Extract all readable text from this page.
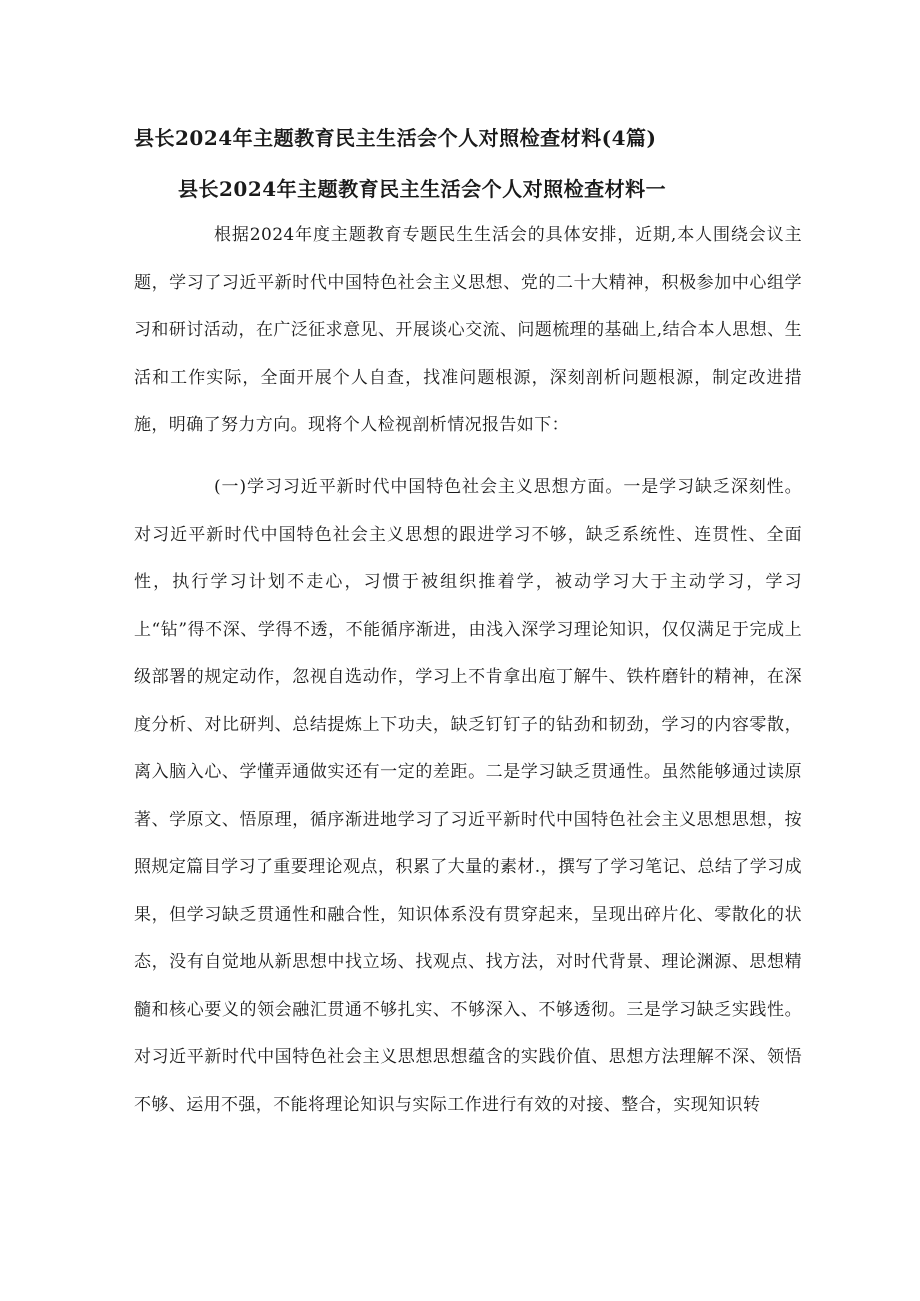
县长2024年主题教育民主生活会个人对照检查材料(4篇)
县长2024年主题教育民主生活会个人对照检查材料一

根据2024年度主题教育专题民生生活会的具体安排，近期,本人围绕会议主题，学习了习近平新时代中国特色社会主义思想、党的二十大精神，积极参加中心组学习和研讨活动，在广泛征求意见、开展谈心交流、问题梳理的基础上,结合本人思想、生活和工作实际，全面开展个人自查，找准问题根源，深刻剖析问题根源，制定改进措施，明确了努力方向。现将个人检视剖析情况报告如下：

(一)学习习近平新时代中国特色社会主义思想方面。一是学习缺乏深刻性。对习近平新时代中国特色社会主义思想的跟进学习不够，缺乏系统性、连贯性、全面性，执行学习计划不走心，习惯于被组织推着学，被动学习大于主动学习，学习上“钻”得不深、学得不透，不能循序渐进，由浅入深学习理论知识，仅仅满足于完成上级部署的规定动作，忽视自选动作，学习上不肯拿出庖丁解牛、铁杵磨针的精神，在深度分析、对比研判、总结提炼上下功夫，缺乏钉钉子的钻劲和韧劲，学习的内容零散，离入脑入心、学懂弄通做实还有一定的差距。二是学习缺乏贯通性。虽然能够通过读原著、学原文、悟原理，循序渐进地学习了习近平新时代中国特色社会主义思想思想，按照规定篇目学习了重要理论观点，积累了大量的素材.，撰写了学习笔记、总结了学习成果，但学习缺乏贯通性和融合性，知识体系没有贯穿起来，呈现出碎片化、零散化的状态，没有自觉地从新思想中找立场、找观点、找方法，对时代背景、理论渊源、思想精髓和核心要义的领会融汇贯通不够扎实、不够深入、不够透彻。三是学习缺乏实践性。对习近平新时代中国特色社会主义思想思想蕴含的实践价值、思想方法理解不深、领悟不够、运用不强，不能将理论知识与实际工作进行有效的对接、整合，实现知识转
